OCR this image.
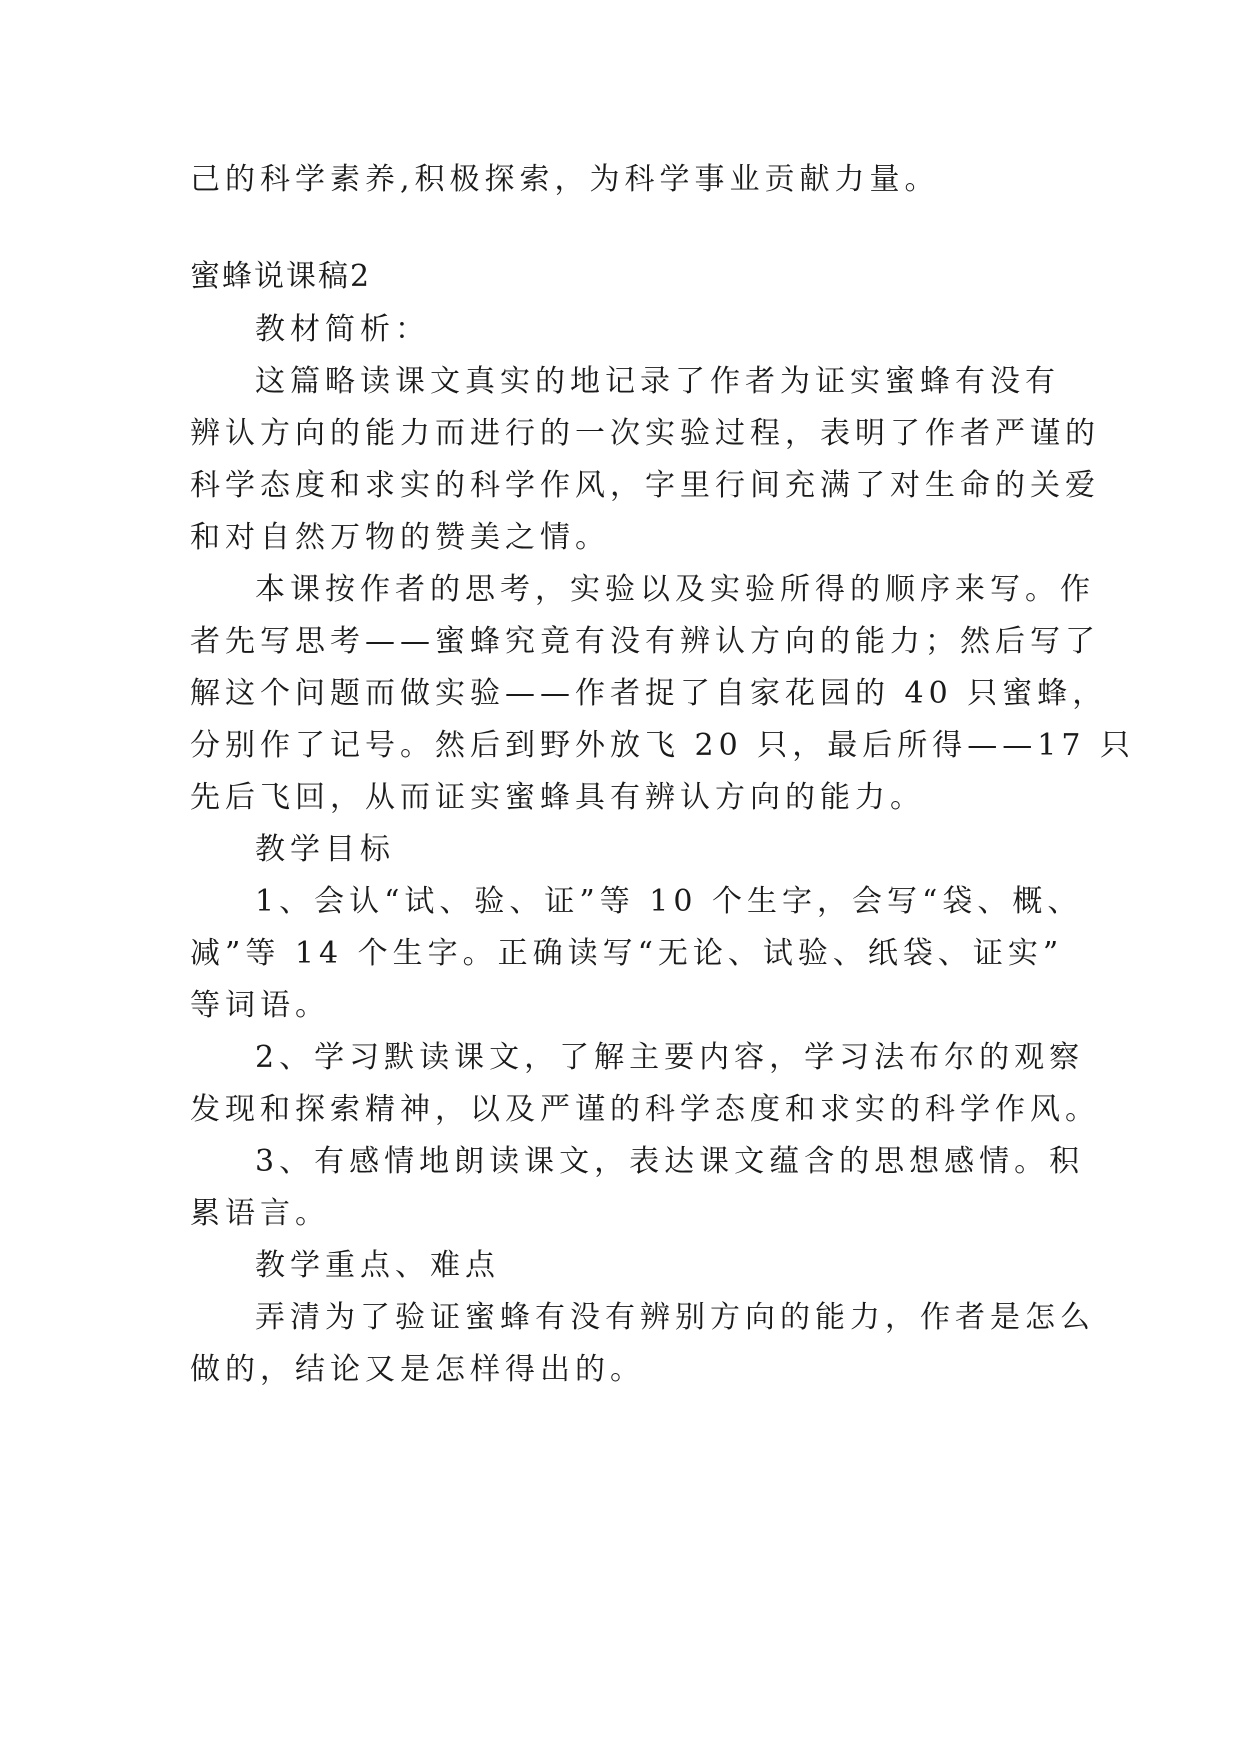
己的科学素养,积极探索，为科学事业贡献力量。

蜜蜂说课稿2

教材简析：

这篇略读课文真实的地记录了作者为证实蜜蜂有没有

辨认方向的能力而进行的一次实验过程，表明了作者严谨的

科学态度和求实的科学作风，字里行间充满了对生命的关爱

和对自然万物的赞美之情。

本课按作者的思考，实验以及实验所得的顺序来写。作

者先写思考——蜜蜂究竟有没有辨认方向的能力；然后写了

解这个问题而做实验——作者捉了自家花园的 40 只蜜蜂，

分别作了记号。然后到野外放飞 20 只，最后所得——17 只

先后飞回，从而证实蜜蜂具有辨认方向的能力。

教学目标

1、会认“试、验、证”等 10 个生字，会写“袋、概、

减”等 14 个生字。正确读写“无论、试验、纸袋、证实”

等词语。

2、学习默读课文，了解主要内容，学习法布尔的观察

发现和探索精神，以及严谨的科学态度和求实的科学作风。

3、有感情地朗读课文，表达课文蕴含的思想感情。积

累语言。

教学重点、难点

弄清为了验证蜜蜂有没有辨别方向的能力，作者是怎么

做的，结论又是怎样得出的。
